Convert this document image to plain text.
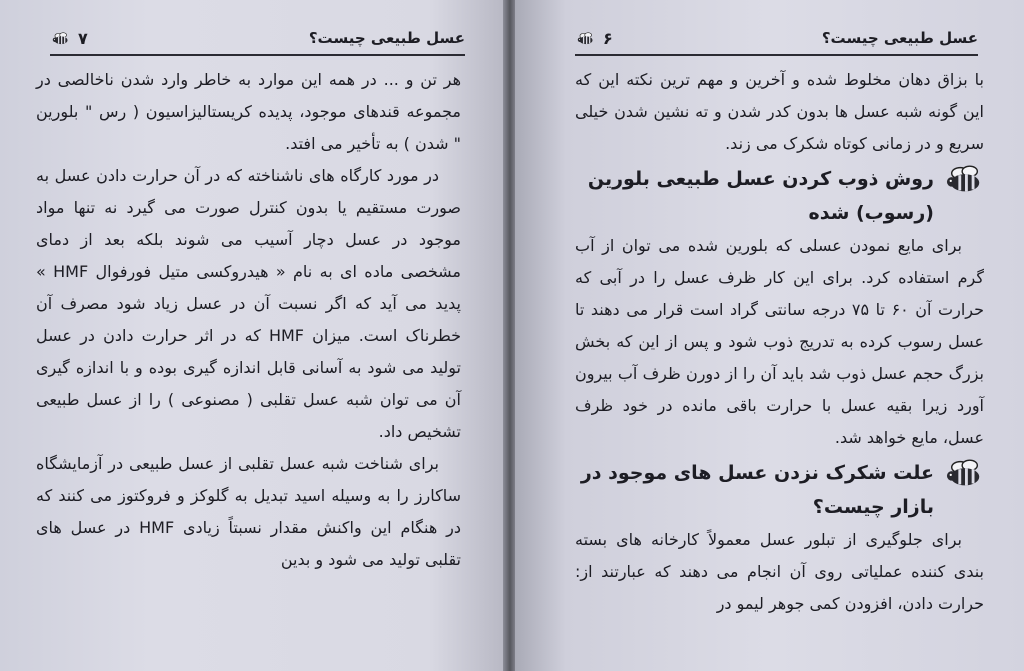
عسل طبیعی چیست؟
۷

هر تن و ... در همه این موارد به خاطر وارد شدن ناخالصی در مجموعه قندهای موجود، پدیده کریستالیزاسیون ( رس " بلورین " شدن ) به تأخیر می افتد.

در مورد کارگاه های ناشناخته که در آن حرارت دادن عسل به صورت مستقیم یا بدون کنترل صورت می گیرد نه تنها مواد موجود در عسل دچار آسیب می شوند بلکه بعد از دمای مشخصی ماده ای به نام « هیدروکسی متیل فورفوال HMF » پدید می آید که اگر نسبت آن در عسل زیاد شود مصرف آن خطرناک است. میزان HMF که در اثر حرارت دادن در عسل تولید می شود به آسانی قابل اندازه گیری بوده و با اندازه گیری آن می توان شبه عسل تقلبی ( مصنوعی ) را از عسل طبیعی تشخیص داد.

برای شناخت شبه عسل تقلبی از عسل طبیعی در آزمایشگاه ساکارز را به وسیله اسید تبدیل به گلوکز و فروکتوز می کنند که در هنگام این واکنش مقدار نسبتاً زیادی HMF در عسل های تقلبی تولید می شود و بدین

عسل طبیعی چیست؟
۶

با بزاق دهان مخلوط شده و آخرین و مهم ترین نکته این که این گونه شبه عسل ها بدون کدر شدن و ته نشین شدن خیلی سریع و در زمانی کوتاه شکرک می زند.

روش ذوب کردن عسل طبیعی بلورین (رسوب) شده

برای مایع نمودن عسلی که بلورین شده می توان از آب گرم استفاده کرد. برای این کار ظرف عسل را در آبی که حرارت آن ۶۰ تا ۷۵ درجه سانتی گراد است قرار می دهند تا عسل رسوب کرده به تدریج ذوب شود و پس از این که بخش بزرگ حجم عسل ذوب شد باید آن را از دورن ظرف آب بیرون آورد زیرا بقیه عسل با حرارت باقی مانده در خود ظرف عسل، مایع خواهد شد.

علت شکرک نزدن عسل های موجود در بازار چیست؟

برای جلوگیری از تبلور عسل معمولاً کارخانه های بسته بندی کننده عملیاتی روی آن انجام می دهند که عبارتند از: حرارت دادن، افزودن کمی جوهر لیمو در
